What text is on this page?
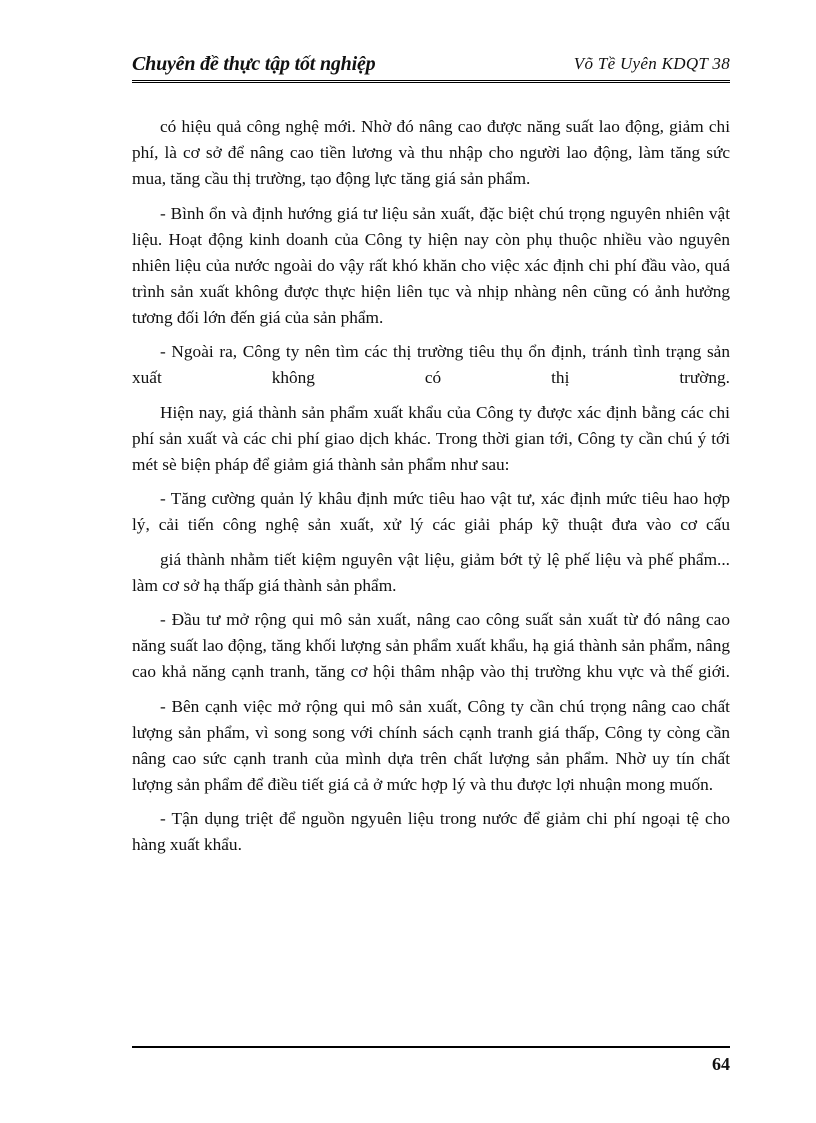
Chuyên đề thực tập tốt nghiệp	Võ Tề Uyên KDQT 38

có hiệu quả công nghệ mới. Nhờ đó nâng cao được năng suất lao động, giảm chi phí, là cơ sở để nâng cao tiền lương và thu nhập cho người lao động, làm tăng sức mua, tăng cầu thị trường, tạo động lực tăng giá sản phẩm.

- Bình ổn và định hướng giá tư liệu sản xuất, đặc biệt chú trọng nguyên nhiên vật liệu. Hoạt động kinh doanh của Công ty hiện nay còn phụ thuộc nhiều vào nguyên nhiên liệu của nước ngoài do vậy rất khó khăn cho việc xác định chi phí đầu vào, quá trình sản xuất không được thực hiện liên tục và nhịp nhàng nên cũng có ảnh hưởng tương đối lớn đến giá của sản phẩm.

- Ngoài ra, Công ty nên tìm các thị trường tiêu thụ ổn định, tránh tình trạng sản xuất không có thị trường.

Hiện nay, giá thành sản phẩm xuất khẩu của Công ty được xác định bằng các chi phí sản xuất và các chi phí giao dịch khác. Trong thời gian tới, Công ty cần chú ý tới mét sè biện pháp để giảm giá thành sản phẩm như sau:

- Tăng cường quản lý khâu định mức tiêu hao vật tư, xác định mức tiêu hao hợp lý, cải tiến công nghệ sản xuất, xử lý các giải pháp kỹ thuật đưa vào cơ cấu

giá thành nhằm tiết kiệm nguyên vật liệu, giảm bớt tỷ lệ phế liệu và phế phẩm... làm cơ sở hạ thấp giá thành sản phẩm.

- Đầu tư mở rộng qui mô sản xuất, nâng cao công suất sản xuất từ đó nâng cao năng suất lao động, tăng khối lượng sản phẩm xuất khẩu, hạ giá thành sản phẩm, nâng cao khả năng cạnh tranh, tăng cơ hội thâm nhập vào thị trường khu vực và thế giới.

- Bên cạnh việc mở rộng qui mô sản xuất, Công ty cần chú trọng nâng cao chất lượng sản phẩm, vì song song với chính sách cạnh tranh giá thấp, Công ty còng cần nâng cao sức cạnh tranh của mình dựa trên chất lượng sản phẩm. Nhờ uy tín chất lượng sản phẩm để điều tiết giá cả ở mức hợp lý và thu được lợi nhuận mong muốn.

- Tận dụng triệt để nguồn ngyuên liệu trong nước để giảm chi phí ngoại tệ cho hàng xuất khẩu.

64
